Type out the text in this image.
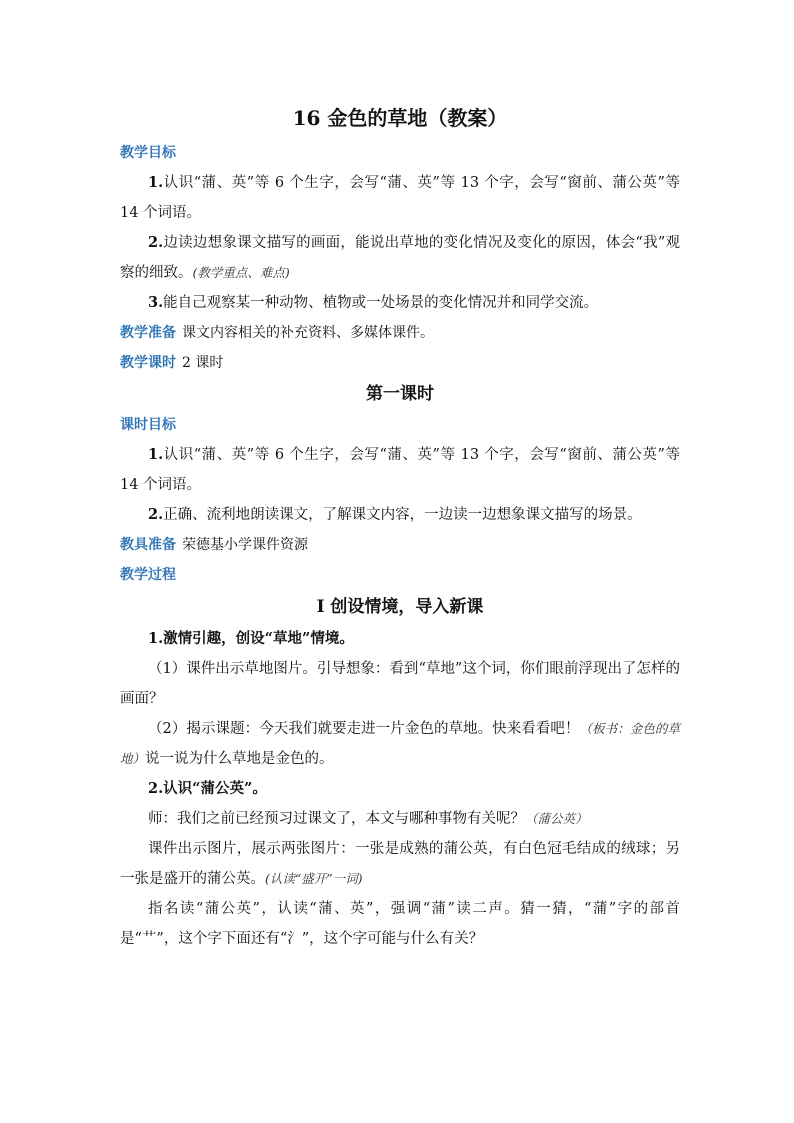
16 金色的草地（教案）
教学目标

1.认识“蒲、英”等 6 个生字，会写“蒲、英”等 13 个字，会写“窗前、蒲公英”等 14 个词语。

2.边读边想象课文描写的画面，能说出草地的变化情况及变化的原因，体会“我”观察的细致。(教学重点、难点)

3.能自己观察某一种动物、植物或一处场景的变化情况并和同学交流。

教学准备 课文内容相关的补充资料、多媒体课件。
教学课时 2 课时
第一课时
课时目标

1.认识“蒲、英”等 6 个生字，会写“蒲、英”等 13 个字，会写“窗前、蒲公英”等 14 个词语。

2.正确、流利地朗读课文，了解课文内容，一边读一边想象课文描写的场景。

教具准备 荣德基小学课件资源
教学过程
Ⅰ 创设情境，导入新课

1.激情引趣，创设“草地”情境。

（1）课件出示草地图片。引导想象：看到“草地”这个词，你们眼前浮现出了怎样的画面？

（2）揭示课题：今天我们就要走进一片金色的草地。快来看看吧！（板书：金色的草地）说一说为什么草地是金色的。

2.认识“蒲公英”。

师：我们之前已经预习过课文了，本文与哪种事物有关呢？（蒲公英）

课件出示图片，展示两张图片：一张是成熟的蒲公英，有白色冠毛结成的绒球；另一张是盛开的蒲公英。(认读“盛开”一词)

指名读“蒲公英”，认读“蒲、英”，强调“蒲”读二声。猜一猜，“蒲”字的部首是“艹”，这个字下面还有“氵”，这个字可能与什么有关？
